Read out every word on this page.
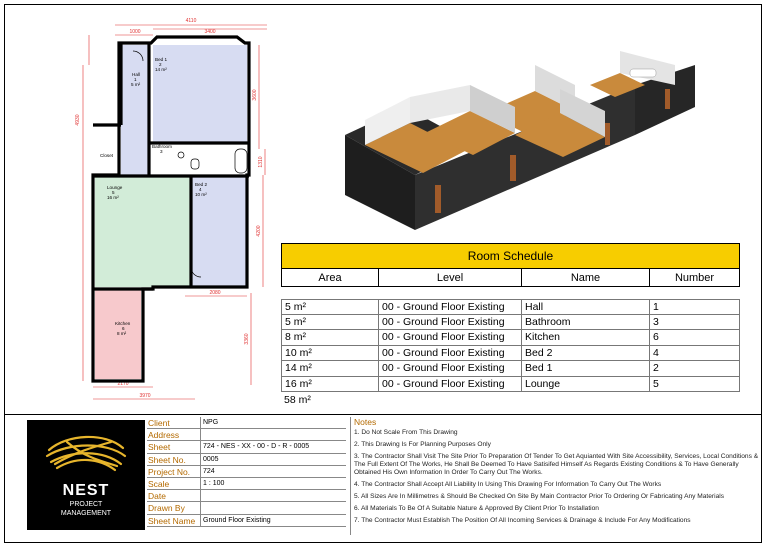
4110
1000	3400
4930
3600
1310
4200
3360
2080
2170
3970
Bed 1
2
14 m²
Hall
1
5 m²
Closet
Bathroom
3
Lounge
5
16 m²
Bed 2
4
10 m²
Kitchen
6
8 m²
Room Schedule
Area	Level	Name	Number
5 m²	00 - Ground Floor Existing	Hall	1
5 m²	00 - Ground Floor Existing	Bathroom	3
8 m²	00 - Ground Floor Existing	Kitchen	6
10 m²	00 - Ground Floor Existing	Bed 2	4
14 m²	00 - Ground Floor Existing	Bed 1	2
16 m²	00 - Ground Floor Existing	Lounge	5
58 m²
NEST
PROJECT
MANAGEMENT
Client	NPG
Address
Sheet	724 - NES - XX - 00 - D - R - 0005
Sheet No.	0005
Project No.	724
Scale	1 : 100
Date
Drawn By
Sheet Name	Ground Floor Existing
Notes
1. Do Not Scale From This Drawing
2. This Drawing Is For Planning Purposes Only
3. The Contractor Shall Visit The Site Prior To Preparation Of Tender To Get Aquianted With Site Accessibility, Services, Local Conditions & The Full Extent Of The Works, He Shall Be Deemed To Have Satisifed Himself As Regards Existing Conditions & To Have Generally Obtained His Own Information In Order To Carry Out The Works.
4. The Contractor Shall Accept All Liability In Using This Drawing For Information To Carry Out The Works
5. All Sizes Are In Millimetres & Should Be Checked On Site By Main Contractor Prior To Ordering Or Fabricating Any Materials
6. All Materials To Be Of A Suitable Nature & Approved By Client Prior To Installation
7. The Contractor Must Establish The Position Of All Incoming Services & Drainage & Include For Any Modifications
